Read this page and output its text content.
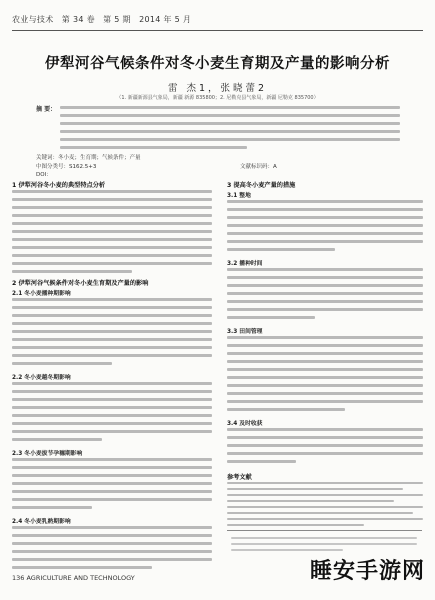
农业与技术　第 34 卷　第 5 期　2014 年 5 月
伊犁河谷气候条件对冬小麦生育期及产量的影响分析
雷 杰1，张晓蕾2
（1. 新疆新源县气象局，新疆 新源 835800；2. 尼勒克县气象局，新疆 尼勒克 835700）
摘 要：
关键词：冬小麦；生育期；气候条件；产量
中图分类号：S162.5+3	文献标识码：A
DOI：
1 伊犁河谷冬小麦的典型特点分析
2 伊犁河谷气候条件对冬小麦生育期及产量的影响
2.1 冬小麦播种期影响
2.2 冬小麦越冬期影响
2.3 冬小麦拔节孕穗期影响
2.4 冬小麦乳熟期影响
3 提高冬小麦产量的措施
3.1 整地
3.2 播种时间
3.3 田间管理
3.4 及时收获
参考文献
136 AGRICULTURE AND TECHNOLOGY	睡安手游网
